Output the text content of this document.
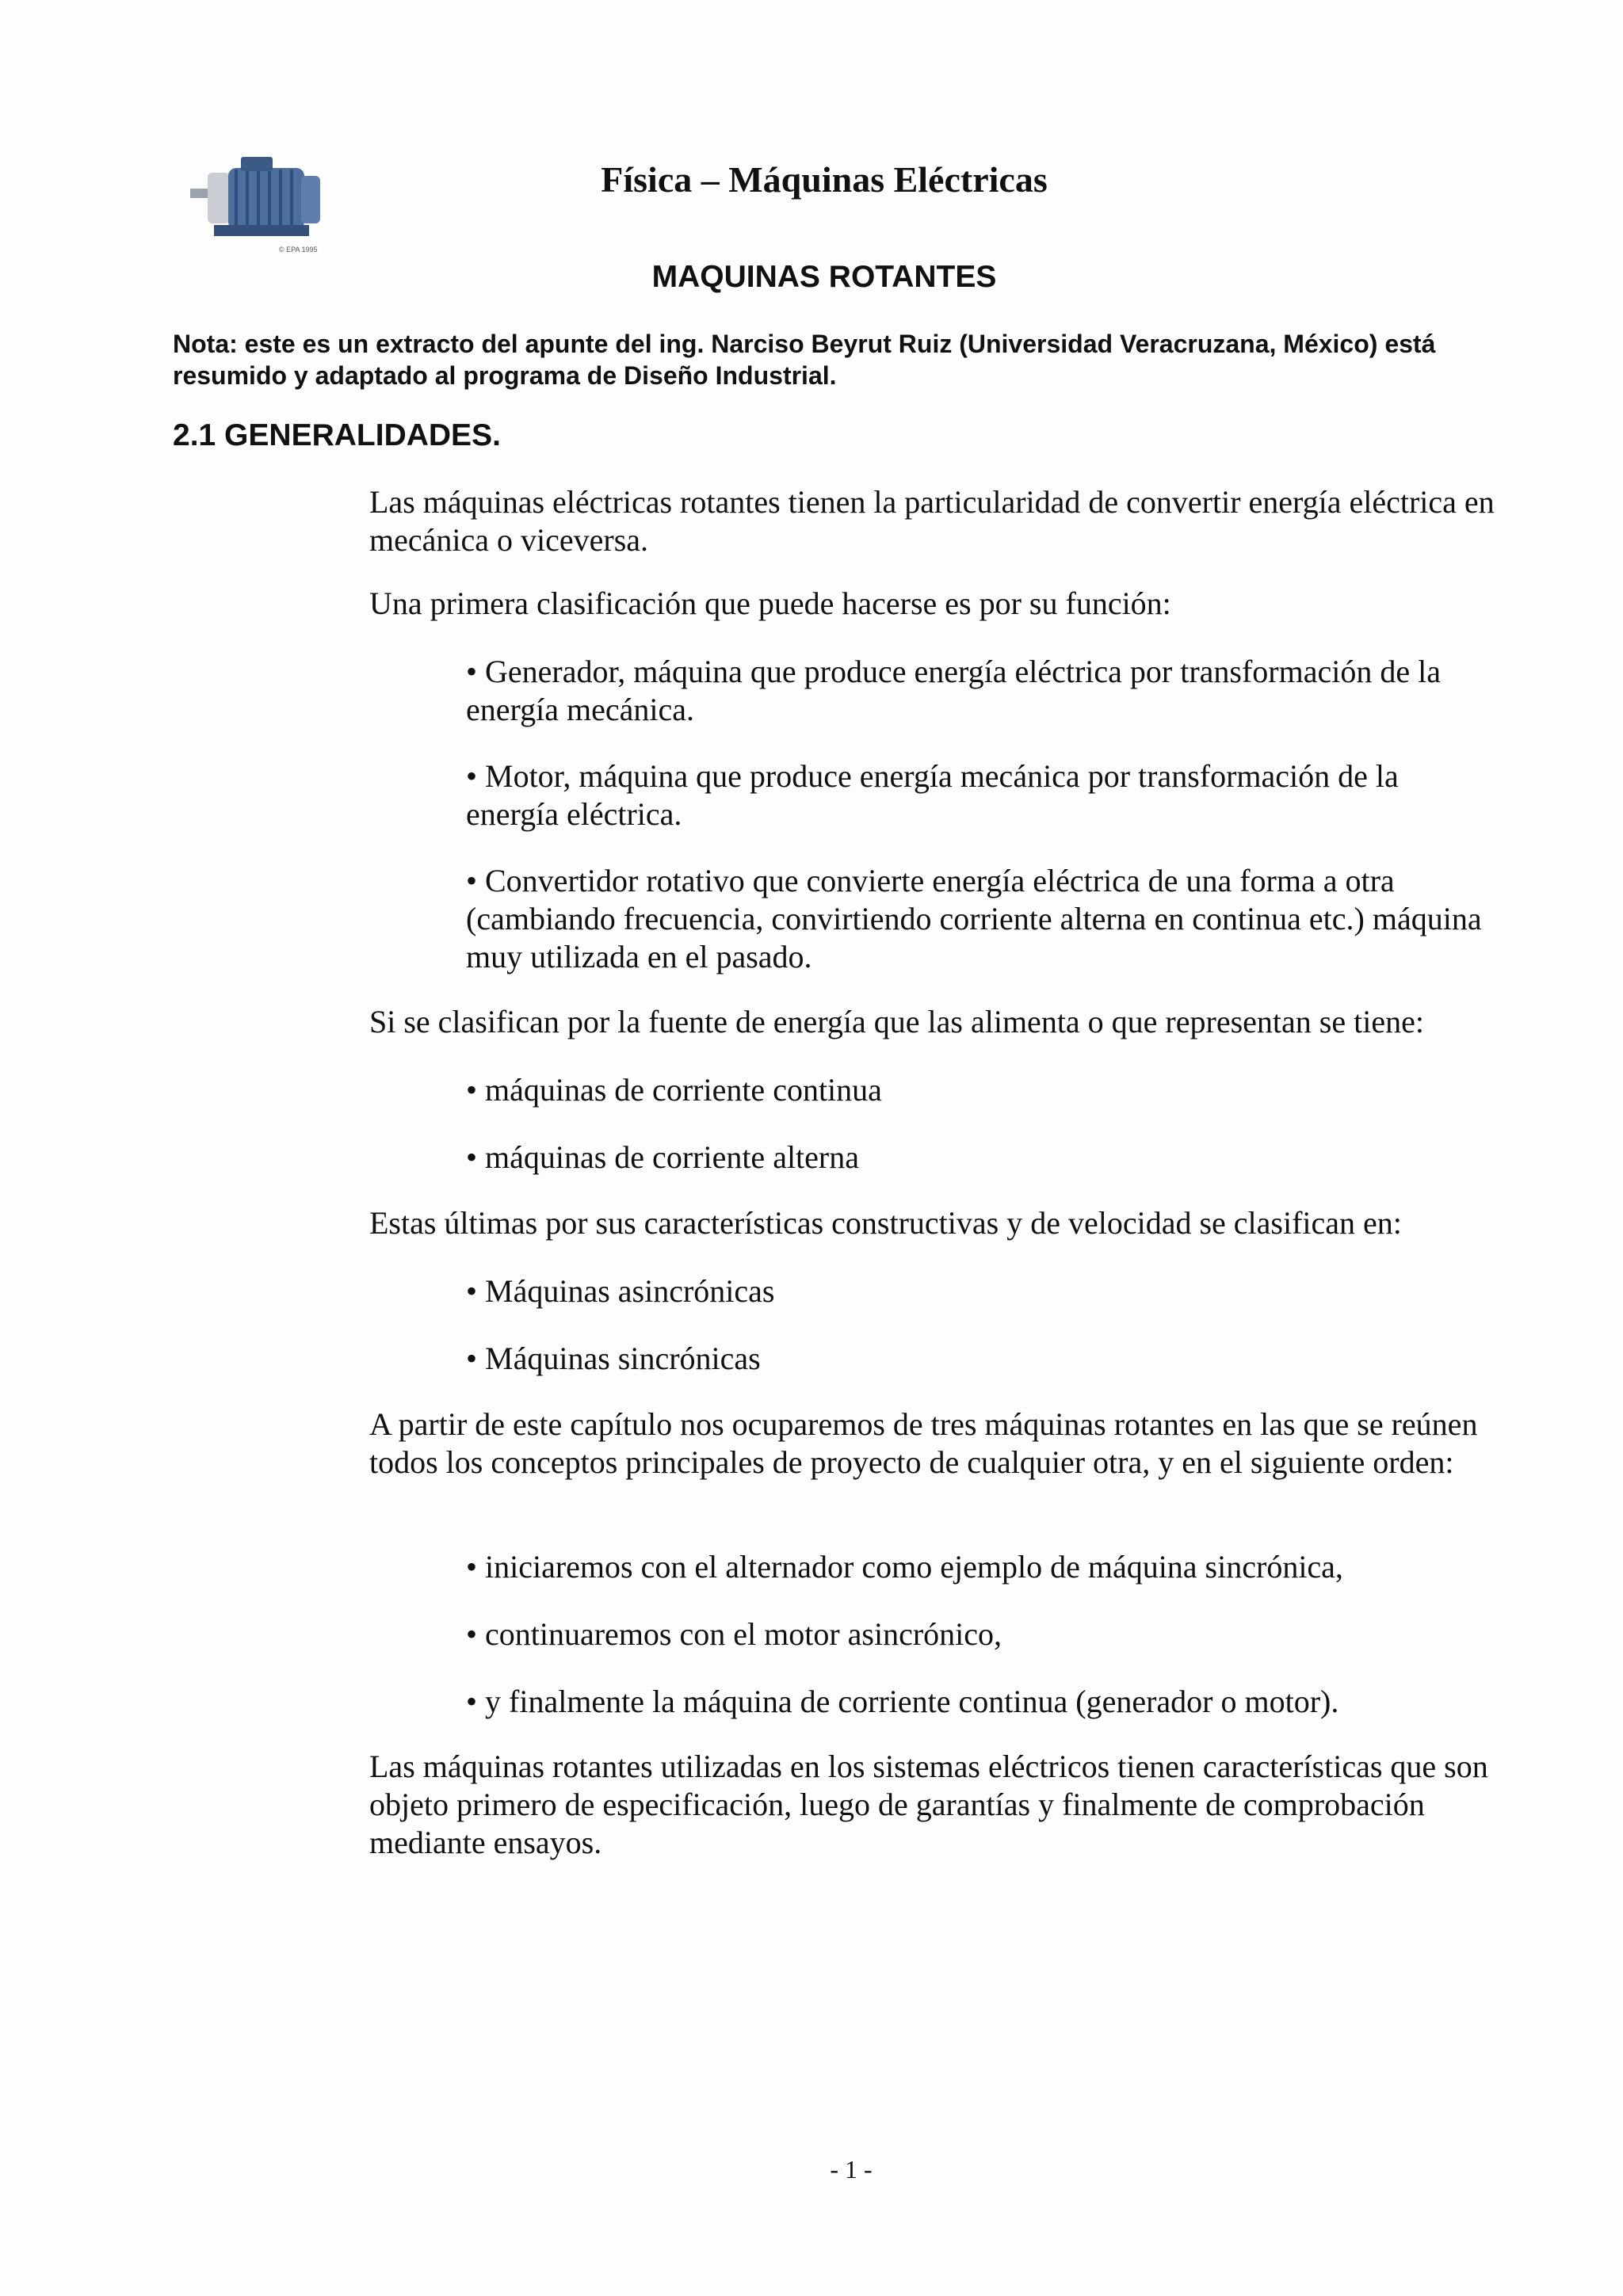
© EPA 1995
Física – Máquinas Eléctricas
MAQUINAS ROTANTES
Nota: este es un extracto del apunte del ing. Narciso Beyrut Ruiz (Universidad Veracruzana, México) está resumido y adaptado al programa de Diseño Industrial.
2.1 GENERALIDADES.

Las máquinas eléctricas rotantes tienen la particularidad de convertir energía eléctrica en mecánica o viceversa.

Una primera clasificación que puede hacerse es por su función:

• Generador, máquina que produce energía eléctrica por transformación de la energía mecánica.

• Motor, máquina que produce energía mecánica por transformación de la energía eléctrica.

• Convertidor rotativo que convierte energía eléctrica de una forma a otra (cambiando frecuencia, convirtiendo corriente alterna en continua etc.) máquina muy utilizada en el pasado.

Si se clasifican por la fuente de energía que las alimenta o que representan se tiene:

• máquinas de corriente continua

• máquinas de corriente alterna

Estas últimas por sus características constructivas y de velocidad se clasifican en:

• Máquinas asincrónicas

• Máquinas sincrónicas

A partir de este capítulo nos ocuparemos de tres máquinas rotantes en las que se reúnen todos los conceptos principales de proyecto de cualquier otra, y en el siguiente orden:

• iniciaremos con el alternador como ejemplo de máquina sincrónica,

• continuaremos con el motor asincrónico,

• y finalmente la máquina de corriente continua (generador o motor).

Las máquinas rotantes utilizadas en los sistemas eléctricos tienen características que son objeto primero de especificación, luego de garantías y finalmente de comprobación mediante ensayos.

- 1 -
